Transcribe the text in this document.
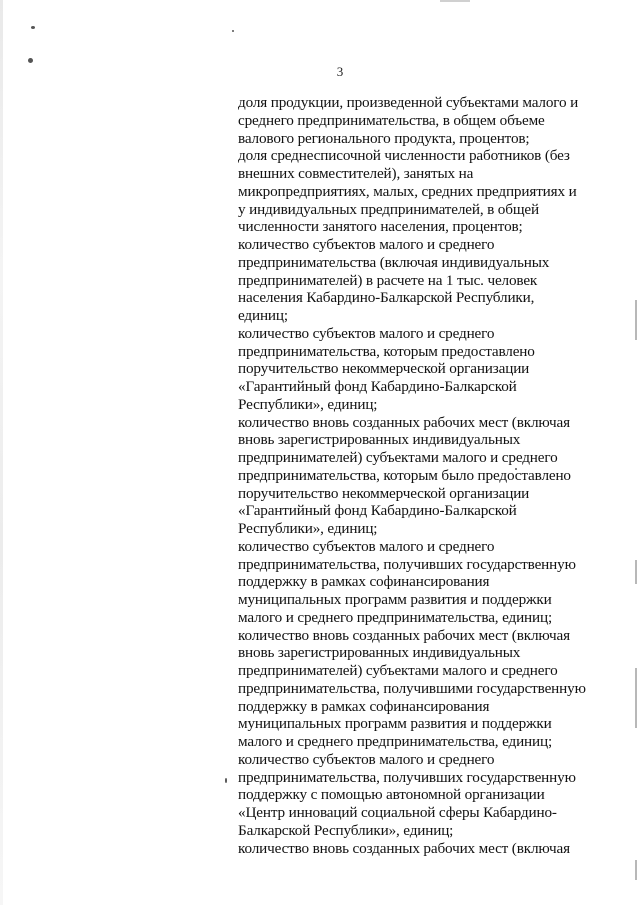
3
доля продукции, произведенной субъектами малого и
среднего предпринимательства, в общем объеме
валового регионального продукта, процентов;
доля среднесписочной численности работников (без
внешних совместителей), занятых на
микропредприятиях, малых, средних предприятиях и
у индивидуальных предпринимателей, в общей
численности занятого населения, процентов;
количество субъектов малого и среднего
предпринимательства (включая индивидуальных
предпринимателей) в расчете на 1 тыс. человек
населения Кабардино-Балкарской Республики,
единиц;
количество субъектов малого и среднего
предпринимательства, которым предоставлено
поручительство некоммерческой организации
«Гарантийный фонд Кабардино-Балкарской
Республики», единиц;
количество вновь созданных рабочих мест (включая
вновь зарегистрированных индивидуальных
предпринимателей) субъектами малого и среднего
предпринимательства, которым было предоставлено
поручительство некоммерческой организации
«Гарантийный фонд Кабардино-Балкарской
Республики», единиц;
количество субъектов малого и среднего
предпринимательства, получивших государственную
поддержку в рамках софинансирования
муниципальных программ развития и поддержки
малого и среднего предпринимательства, единиц;
количество вновь созданных рабочих мест (включая
вновь зарегистрированных индивидуальных
предпринимателей) субъектами малого и среднего
предпринимательства, получившими государственную
поддержку в рамках софинансирования
муниципальных программ развития и поддержки
малого и среднего предпринимательства, единиц;
количество субъектов малого и среднего
предпринимательства, получивших государственную
поддержку с помощью автономной организации
«Центр инноваций социальной сферы Кабардино-
Балкарской Республики», единиц;
количество вновь созданных рабочих мест (включая
